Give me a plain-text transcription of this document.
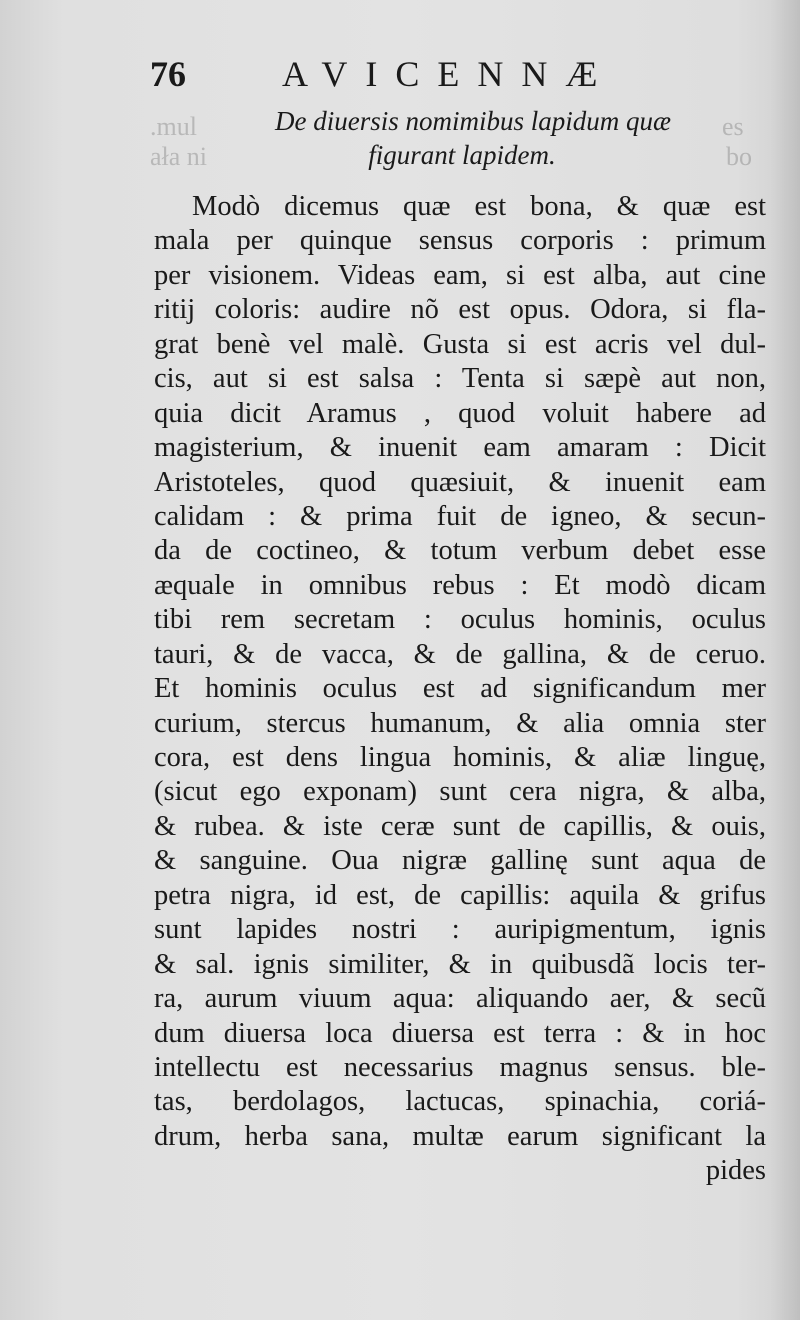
.mul
ała ni
es
bo
76	AVICENNÆ
De diuersis nomimibus lapidum quæ
figurant lapidem.
Modò dicemus quæ est bona, & quæ est
mala per quinque sensus corporis : primum
per visionem. Videas eam, si est alba, aut cine
ritij coloris: audire nõ est opus. Odora, si fla-
grat benè vel malè. Gusta si est acris vel dul-
cis, aut si est salsa : Tenta si sæpè aut non,
quia dicit Aramus , quod voluit habere ad
magisterium, & inuenit eam amaram : Dicit
Aristoteles, quod quæsiuit, & inuenit eam
calidam : & prima fuit de igneo, & secun-
da de coctineo, & totum verbum debet esse
æquale in omnibus rebus : Et modò dicam
tibi rem secretam : oculus hominis, oculus
tauri, & de vacca, & de gallina, & de ceruo.
Et hominis oculus est ad significandum mer
curium, stercus humanum, & alia omnia ster
cora, est dens lingua hominis, & aliæ linguę,
(sicut ego exponam) sunt cera nigra, & alba,
& rubea. & iste ceræ sunt de capillis, & ouis,
& sanguine. Oua nigræ gallinę sunt aqua de
petra nigra, id est, de capillis: aquila & grifus
sunt lapides nostri : auripigmentum, ignis
& sal. ignis similiter, & in quibusdã locis ter-
ra, aurum viuum aqua: aliquando aer, & secũ
dum diuersa loca diuersa est terra : & in hoc
intellectu est necessarius magnus sensus. ble-
tas, berdolagos, lactucas, spinachia, coriá-
drum, herba sana, multæ earum significant la
pides
